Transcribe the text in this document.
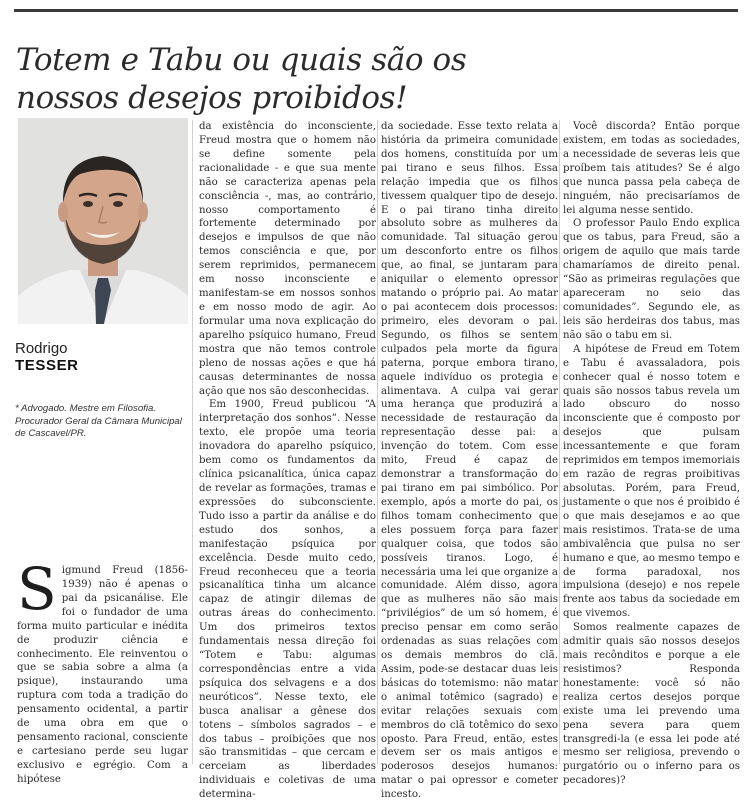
Totem e Tabu ou quais são os
nossos desejos proibidos!
Rodrigo
TESSER
* Advogado. Mestre em Filosofia. Procurador Geral da Câmara Municipal de Cascavel/PR.

Sigmund Freud (1856-1939) não é apenas o pai da psicanálise. Ele foi o fundador de uma forma muito particular e inédita de produzir ciência e conhecimento. Ele reinventou o que se sabia sobre a alma (a psique), instaurando uma ruptura com toda a tradição do pensamento ocidental, a partir de uma obra em que o pensamento racional, consciente e cartesiano perde seu lugar exclusivo e egrégio. Com a hipótese

da existência do inconsciente, Freud mostra que o homem não se define somente pela racionalidade - e que sua mente não se caracteriza apenas pela consciência -, mas, ao contrário, nosso comportamento é fortemente determinado por desejos e impulsos de que não temos consciência e que, por serem reprimidos, permanecem em nosso inconsciente e manifestam-se em nossos sonhos e em nosso modo de agir. Ao formular uma nova explicação do aparelho psíquico humano, Freud mostra que não temos controle pleno de nossas ações e que há causas determinantes de nossa ação que nos são desconhecidas.

Em 1900, Freud publicou “A interpretação dos sonhos”. Nesse texto, ele propõe uma teoria inovadora do aparelho psíquico, bem como os fundamentos da clínica psicanalítica, única capaz de revelar as formações, tramas e expressões do subconsciente. Tudo isso a partir da análise e do estudo dos sonhos, a manifestação psíquica por excelência. Desde muito cedo, Freud reconheceu que a teoria psicanalítica tinha um alcance capaz de atingir dilemas de outras áreas do conhecimento. Um dos primeiros textos fundamentais nessa direção foi “Totem e Tabu: algumas correspondências entre a vida psíquica dos selvagens e a dos neuróticos”. Nesse texto, ele busca analisar a gênese dos totens – símbolos sagrados – e dos tabus – proibições que nos são transmitidas – que cercam e cerceiam as liberdades individuais e coletivas de uma determina-

da sociedade. Esse texto relata a história da primeira comunidade dos homens, constituída por um pai tirano e seus filhos. Essa relação impedia que os filhos tivessem qualquer tipo de desejo. E o pai tirano tinha direito absoluto sobre as mulheres da comunidade. Tal situação gerou um desconforto entre os filhos que, ao final, se juntaram para aniquilar o elemento opressor matando o próprio pai. Ao matar o pai acontecem dois processos: primeiro, eles devoram o pai. Segundo, os filhos se sentem culpados pela morte da figura paterna, porque embora tirano, aquele indivíduo os protegia e alimentava. A culpa vai gerar uma herança que produzirá a necessidade de restauração da representação desse pai: a invenção do totem. Com esse mito, Freud é capaz de demonstrar a transformação do pai tirano em pai simbólico. Por exemplo, após a morte do pai, os filhos tomam conhecimento que eles possuem força para fazer qualquer coisa, que todos são possíveis tiranos. Logo, é necessária uma lei que organize a comunidade. Além disso, agora que as mulheres não são mais “privilégios” de um só homem, é preciso pensar em como serão ordenadas as suas relações com os demais membros do clã. Assim, pode-se destacar duas leis básicas do totemismo: não matar o animal totêmico (sagrado) e evitar relações sexuais com membros do clã totêmico do sexo oposto. Para Freud, então, estes devem ser os mais antigos e poderosos desejos humanos: matar o pai opressor e cometer incesto.

Você discorda? Então porque existem, em todas as sociedades, a necessidade de severas leis que proíbem tais atitudes? Se é algo que nunca passa pela cabeça de ninguém, não precisaríamos de lei alguma nesse sentido.

O professor Paulo Endo explica que os tabus, para Freud, são a origem de aquilo que mais tarde chamaríamos de direito penal. “São as primeiras regulações que apareceram no seio das comunidades”. Segundo ele, as leis são herdeiras dos tabus, mas não são o tabu em si.

A hipótese de Freud em Totem e Tabu é avassaladora, pois conhecer qual é nosso totem e quais são nossos tabus revela um lado obscuro do nosso inconsciente que é composto por desejos que pulsam incessantemente e que foram reprimidos em tempos imemoriais em razão de regras proibitivas absolutas. Porém, para Freud, justamente o que nos é proibido é o que mais desejamos e ao que mais resistimos. Trata-se de uma ambivalência que pulsa no ser humano e que, ao mesmo tempo e de forma paradoxal, nos impulsiona (desejo) e nos repele frente aos tabus da sociedade em que vivemos.

Somos realmente capazes de admitir quais são nossos desejos mais recônditos e porque a ele resistimos? Responda honestamente: você só não realiza certos desejos porque existe uma lei prevendo uma pena severa para quem transgredi-la (e essa lei pode até mesmo ser religiosa, prevendo o purgatório ou o inferno para os pecadores)?
